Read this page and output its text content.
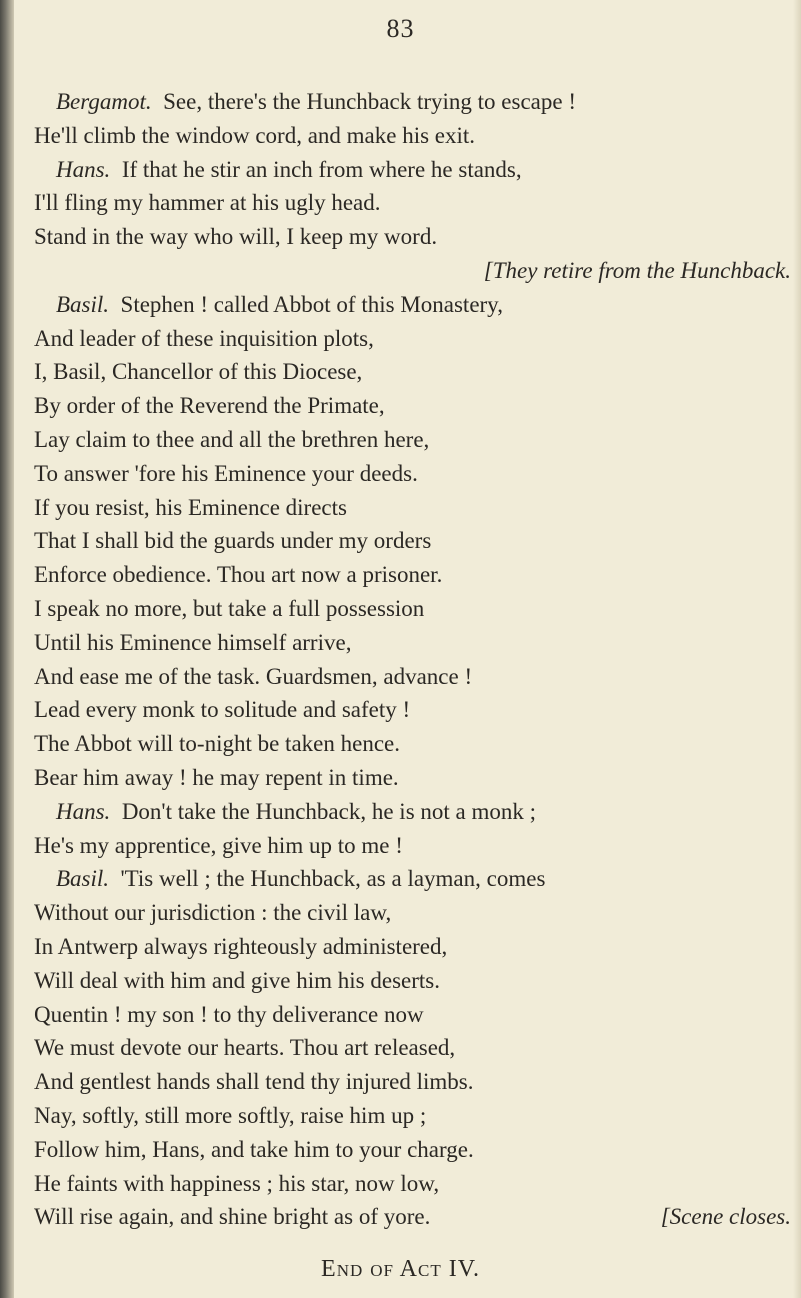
83
Bergamot.  See, there's the Hunchback trying to escape !
He'll climb the window cord, and make his exit.
Hans.  If that he stir an inch from where he stands,
I'll fling my hammer at his ugly head.
Stand in the way who will, I keep my word.
[They retire from the Hunchback.
Basil.  Stephen ! called Abbot of this Monastery,
And leader of these inquisition plots,
I, Basil, Chancellor of this Diocese,
By order of the Reverend the Primate,
Lay claim to thee and all the brethren here,
To answer 'fore his Eminence your deeds.
If you resist, his Eminence directs
That I shall bid the guards under my orders
Enforce obedience. Thou art now a prisoner.
I speak no more, but take a full possession
Until his Eminence himself arrive,
And ease me of the task. Guardsmen, advance !
Lead every monk to solitude and safety !
The Abbot will to-night be taken hence.
Bear him away ! he may repent in time.
Hans.  Don't take the Hunchback, he is not a monk ;
He's my apprentice, give him up to me !
Basil.  'Tis well ; the Hunchback, as a layman, comes
Without our jurisdiction : the civil law,
In Antwerp always righteously administered,
Will deal with him and give him his deserts.
Quentin ! my son ! to thy deliverance now
We must devote our hearts. Thou art released,
And gentlest hands shall tend thy injured limbs.
Nay, softly, still more softly, raise him up ;
Follow him, Hans, and take him to your charge.
He faints with happiness ; his star, now low,
Will rise again, and shine bright as of yore.	[Scene closes.
End of Act IV.
